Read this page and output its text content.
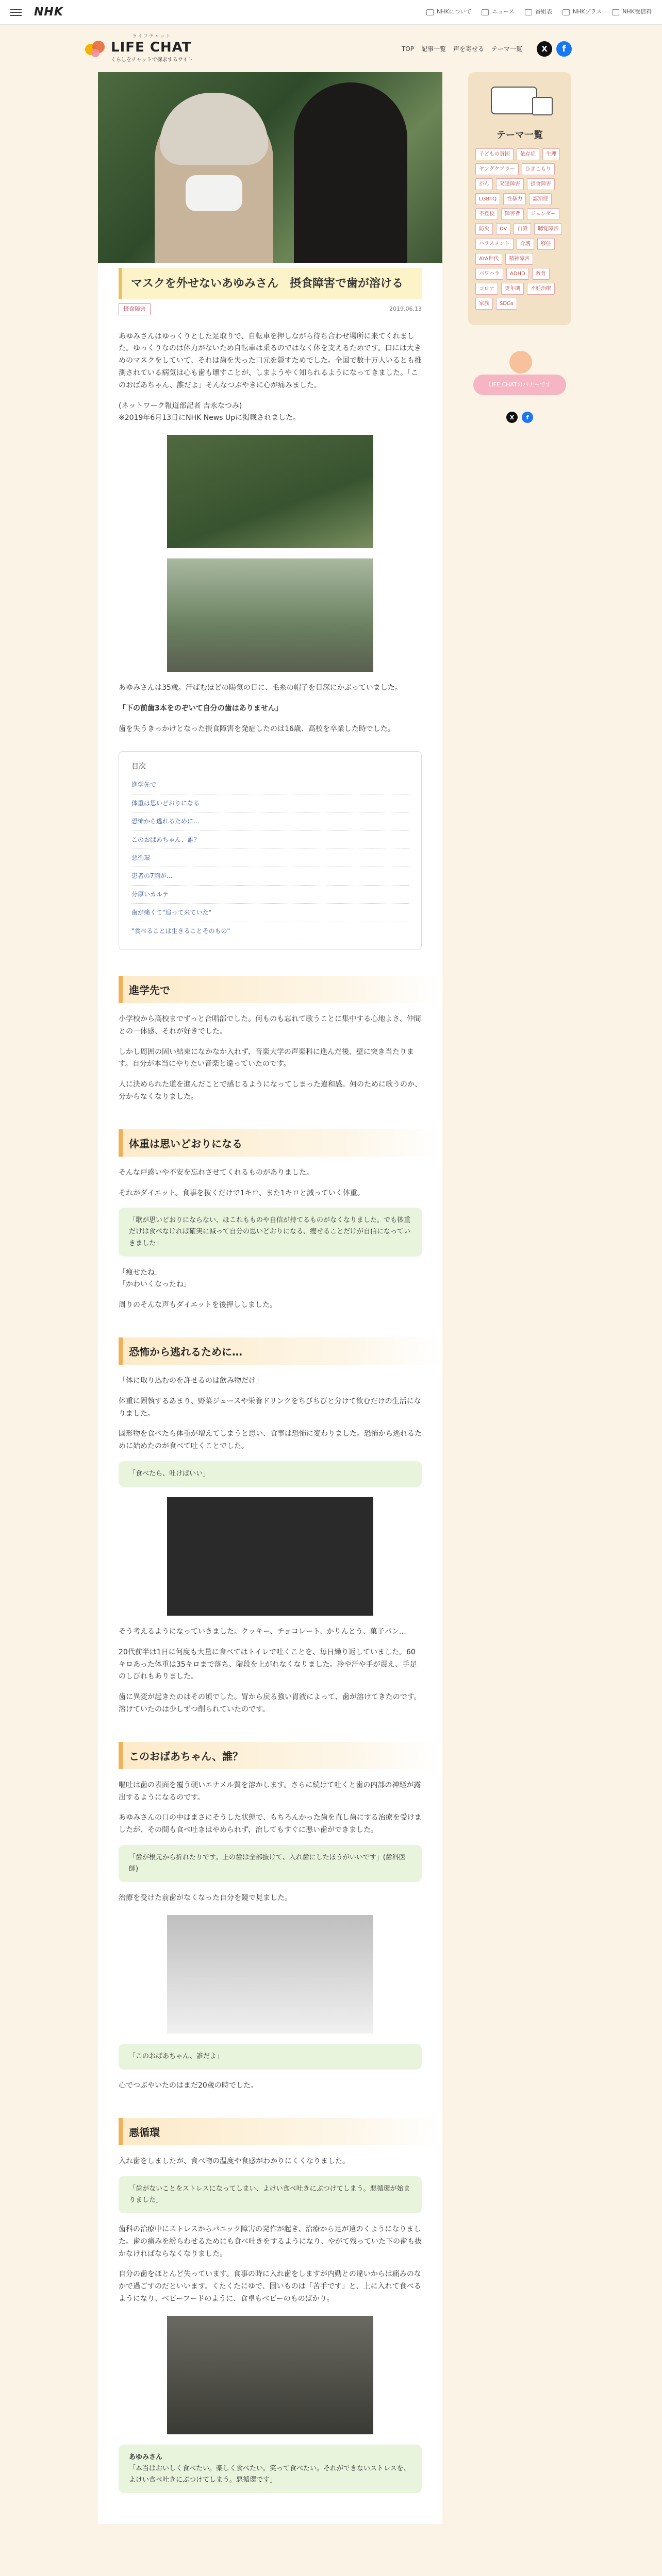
NHK	NHKについて	ニュース	番組表	NHKプラス	NHK受信料
ライフチャット
LIFE CHAT
くらしをチャットで探求するサイト
TOP 記事一覧 声を寄せる テーマ一覧	X	f
マスクを外せないあゆみさん　摂食障害で歯が溶ける
摂食障害	2019.06.13

あゆみさんはゆっくりとした足取りで、自転車を押しながら待ち合わせ場所に来てくれました。ゆっくりなのは体力がないため自転車は乗るのではなく体を支えるためです。口には大きめのマスクをしていて、それは歯を失った口元を隠すためでした。全国で数十万人いるとも推測されている病気は心も歯も壊すことが、しまようやく知られるようになってきました。「このおばあちゃん、誰だよ」そんなつぶやきに心が痛みました。

(ネットワーク報道部記者 吉永なつみ)
※2019年6月13日にNHK News Upに掲載されました。

あゆみさんは35歳。汗ばむほどの陽気の日に、毛糸の帽子を目深にかぶっていました。

「下の前歯3本をのぞいて自分の歯はありません」

歯を失うきっかけとなった摂食障害を発症したのは16歳、高校を卒業した時でした。

目次
進学先で
体重は思いどおりになる
恐怖から逃れるために…
このおばあちゃん、誰？
悪循環
患者の7割が…
分厚いカルテ
歯が痛くて"追って来ていた"
"食べることは生きることそのもの"
進学先で

小学校から高校までずっと合唱部でした。何ものも忘れて歌うことに集中する心地よさ、仲間との一体感、それが好きでした。

しかし周囲の固い結束になかなか入れず、音楽大学の声楽科に進んだ後、壁に突き当たります。自分が本当にやりたい音楽と違っていたのです。

人に決められた道を進んだことで感じるようになってしまった違和感。何のために歌うのか、分からなくなりました。

体重は思いどおりになる

そんな戸惑いや不安を忘れさせてくれるものがありました。

それがダイエット。食事を抜くだけで1キロ、また1キロと減っていく体重。

「歌が思いどおりにならない、ほこれもものや自信が持てるものがなくなりました。でも体重だけは食べなければ確実に減って自分の思いどおりになる、痩せることだけが自信になっていきました」

「痩せたね」
「かわいくなったね」

周りのそんな声もダイエットを後押ししました。

恐怖から逃れるために…

「体に取り込むのを許せるのは飲み物だけ」

体重に固執するあまり、野菜ジュースや栄養ドリンクをちびちびと分けて飲むだけの生活になりました。

固形物を食べたら体重が増えてしまうと思い、食事は恐怖に変わりました。恐怖から逃れるために始めたのが食べて吐くことでした。

「食べたら、吐けばいい」

そう考えるようになっていきました。クッキー、チョコレート、かりんとう、菓子パン…

20代前半は1日に何度も大量に食べてはトイレで吐くことを、毎日繰り返していました。60キロあった体重は35キロまで落ち、階段を上がれなくなりました。冷や汗や手が震え、手足のしびれもありました。

歯に異変が起きたのはその頃でした。胃から戻る強い胃液によって、歯が溶けてきたのです。溶けていたのは少しずつ削られていたのです。

このおばあちゃん、誰？

嘔吐は歯の表面を覆う硬いエナメル質を溶かします。さらに続けて吐くと歯の内部の神経が露出するようになるのです。

あゆみさんの口の中はまさにそうした状態で、もちろんかった歯を直し歯にする治療を受けましたが、その間も食べ吐きはやめられず、治してもすぐに悪い歯ができました。

「歯が根元から折れたりです。上の歯は全部抜けて、入れ歯にしたほうがいいです」(歯科医師)

治療を受けた前歯がなくなった自分を鏡で見ました。

「このおばあちゃん、誰だよ」

心でつぶやいたのはまだ20歳の時でした。

悪循環

入れ歯をしましたが、食べ物の温度や食感がわかりにくくなりました。

「歯がないことをストレスになってしまい、よけい食べ吐きにぶつけてしまう。悪循環が始まりました」

歯科の治療中にストレスからパニック障害の発作が起き、治療から足が遠のくようになりました。歯の痛みを紛らわせるためにも食べ吐きをするようになり、やがて残っていた下の歯も抜かなければならなくなりました。

自分の歯をほとんど失っています。食事の時に入れ歯をしますが内勤との違いからは痛みのなかで過ごすのだといいます。くたくたにゆで、固いものは「苦手です」と、上に入れて食べるようになり、ベビーフードのように、食卓もベビーのものばかり。

あゆみさん
「本当はおいしく食べたい。楽しく食べたい。笑って食べたい。それができないストレスを、よけい食べ吐きにぶつけてしまう。悪循環です」
テーマ一覧
子どもの貧困	依存症	生理
ヤングケアラー	ひきこもり
がん	発達障害	摂食障害
LGBTQ	性暴力	認知症
不登校	障害者	ジェンダー
防災	DV	自殺	聴覚障害
ハラスメント	介護	移住
AYA世代	精神障害
パワハラ	ADHD	教育
コロナ	更年期	不妊治療
家族	SDGs
LIFE CHATのバナーです
X	f
